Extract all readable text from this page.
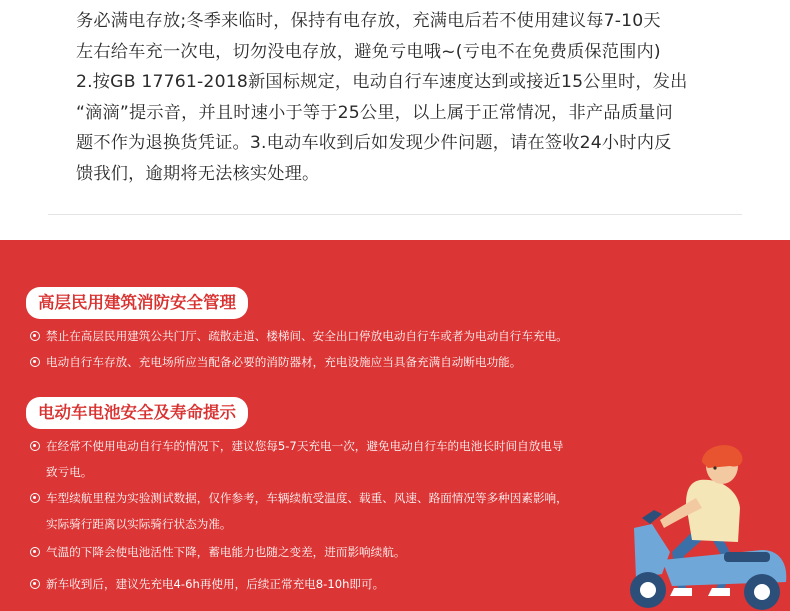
务必满电存放;冬季来临时，保持有电存放，充满电后若不使用建议每7-10天
左右给车充一次电，切勿没电存放，避免亏电哦~(亏电不在免费质保范围内)
2.按GB 17761-2018新国标规定，电动自行车速度达到或接近15公里时，发出
“滴滴”提示音，并且时速小于等于25公里，以上属于正常情况，非产品质量问
题不作为退换货凭证。3.电动车收到后如发现少件问题，请在签收24小时内反
馈我们，逾期将无法核实处理。
高层民用建筑消防安全管理
禁止在高层民用建筑公共门厅、疏散走道、楼梯间、安全出口停放电动自行车或者为电动自行车充电。
电动自行车存放、充电场所应当配备必要的消防器材，充电设施应当具备充满自动断电功能。
电动车电池安全及寿命提示
在经常不使用电动自行车的情况下，建议您每5-7天充电一次，避免电动自行车的电池长时间自放电导
致亏电。
车型续航里程为实验测试数据，仅作参考，车辆续航受温度、载重、风速、路面情况等多种因素影响，
实际骑行距离以实际骑行状态为准。
气温的下降会使电池活性下降，蓄电能力也随之变差，进而影响续航。
新车收到后，建议先充电4-6h再使用，后续正常充电8-10h即可。
